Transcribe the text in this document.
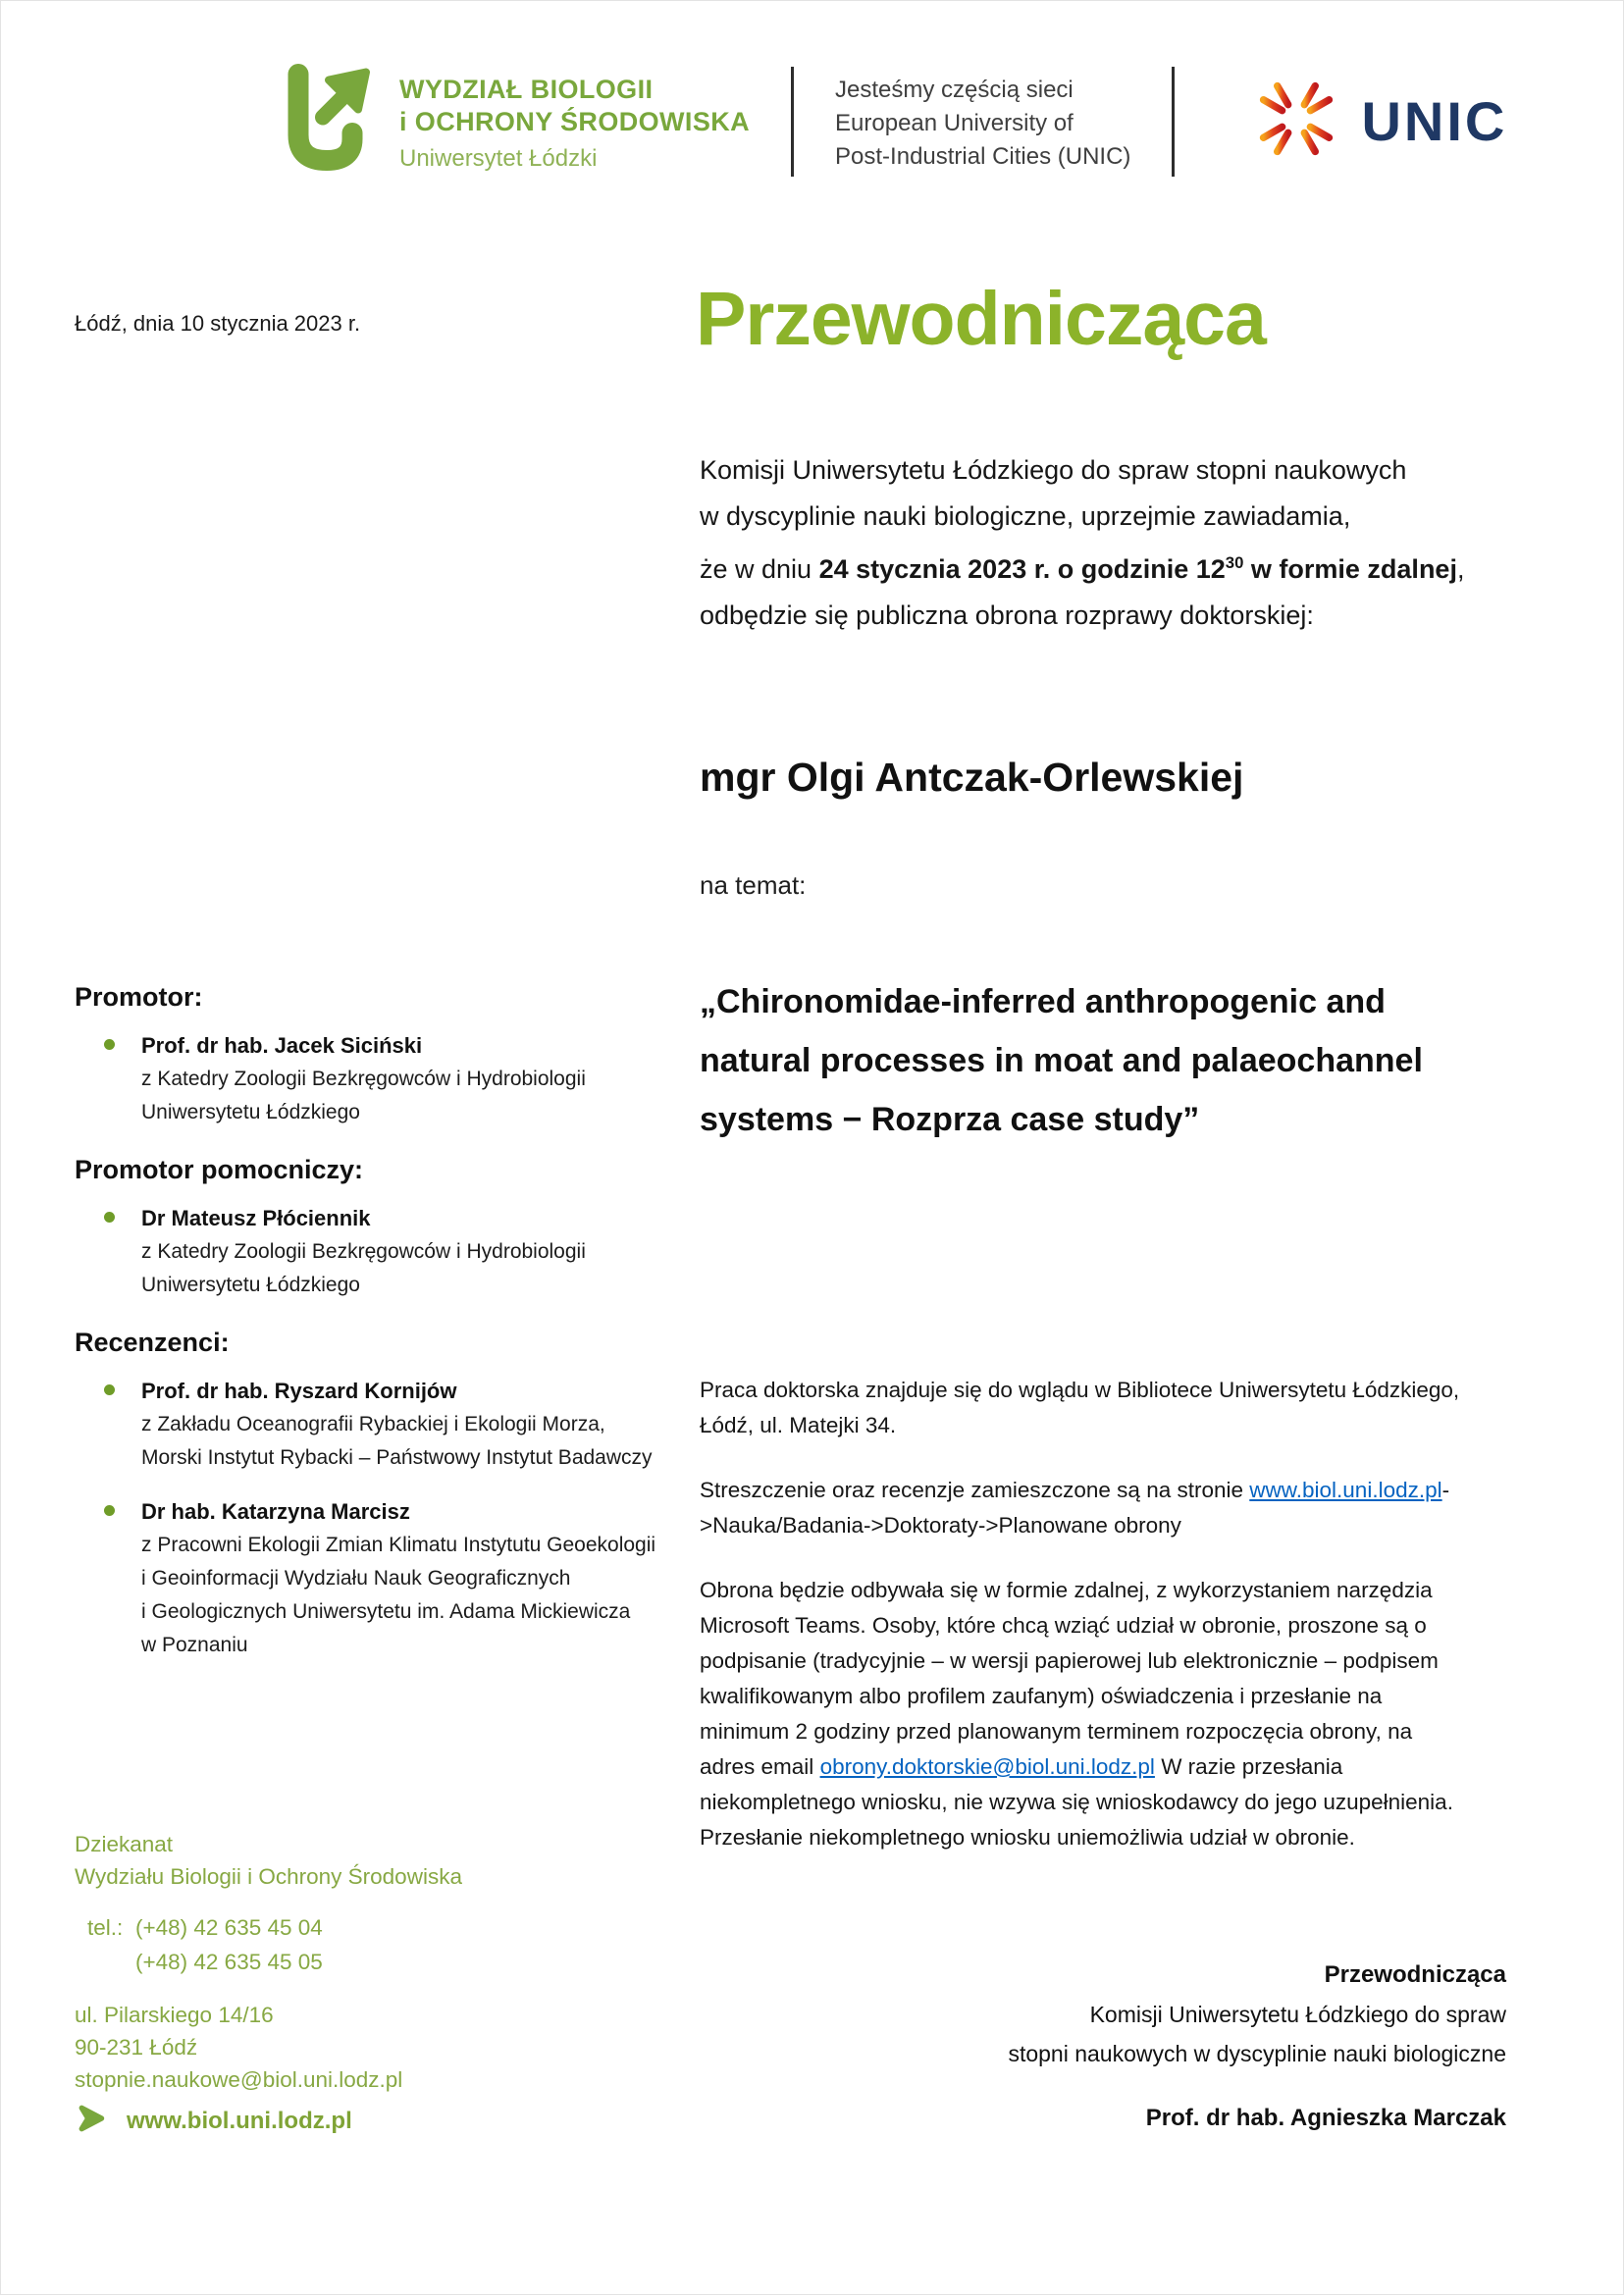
WYDZIAŁ BIOLOGII
i OCHRONY ŚRODOWISKA
Uniwersytet Łódzki
Jesteśmy częścią sieci
European University of
Post-Industrial Cities (UNIC)
UNIC
Łódź, dnia 10 stycznia 2023 r.	Przewodnicząca
Komisji Uniwersytetu Łódzkiego do spraw stopni naukowych
w dyscyplinie nauki biologiczne, uprzejmie zawiadamia,
że w dniu 24 stycznia 2023 r. o godzinie $12^{30}$ w formie zdalnej,
odbędzie się publiczna obrona rozprawy doktorskiej:
mgr Olgi Antczak-Orlewskiej
na temat:
„Chironomidae-inferred anthropogenic and
natural processes in moat and palaeochannel
systems − Rozprza case study”
Promotor:
Prof. dr hab. Jacek Siciński
z Katedry Zoologii Bezkręgowców i Hydrobiologii
Uniwersytetu Łódzkiego
Promotor pomocniczy:
Dr Mateusz Płóciennik
z Katedry Zoologii Bezkręgowców i Hydrobiologii
Uniwersytetu Łódzkiego
Recenzenci:
Prof. dr hab. Ryszard Kornijów
z Zakładu Oceanografii Rybackiej i Ekologii Morza,
Morski Instytut Rybacki – Państwowy Instytut Badawczy
Dr hab. Katarzyna Marcisz
z Pracowni Ekologii Zmian Klimatu Instytutu Geoekologii
i Geoinformacji Wydziału Nauk Geograficznych
i Geologicznych Uniwersytetu im. Adama Mickiewicza
w Poznaniu
Praca doktorska znajduje się do wglądu w Bibliotece Uniwersytetu Łódzkiego,
Łódź, ul. Matejki 34.
Streszczenie oraz recenzje zamieszczone są na stronie www.biol.uni.lodz.pl-
>Nauka/Badania->Doktoraty->Planowane obrony
Obrona będzie odbywała się w formie zdalnej, z wykorzystaniem narzędzia Microsoft Teams. Osoby, które chcą wziąć udział w obronie, proszone są o podpisanie (tradycyjnie – w wersji papierowej lub elektronicznie – podpisem kwalifikowanym albo profilem zaufanym) oświadczenia i przesłanie na minimum 2 godziny przed planowanym terminem rozpoczęcia obrony, na adres email obrony.doktorskie@biol.uni.lodz.pl W razie przesłania niekompletnego wniosku, nie wzywa się wnioskodawcy do jego uzupełnienia. Przesłanie niekompletnego wniosku uniemożliwia udział w obronie.
Przewodnicząca
Komisji Uniwersytetu Łódzkiego do spraw
stopni naukowych w dyscyplinie nauki biologiczne
Prof. dr hab. Agnieszka Marczak
Dziekanat
Wydziału Biologii i Ochrony Środowiska
tel.: (+48) 42 635 45 04
(+48) 42 635 45 05
ul. Pilarskiego 14/16
90-231 Łódź
stopnie.naukowe@biol.uni.lodz.pl
www.biol.uni.lodz.pl
